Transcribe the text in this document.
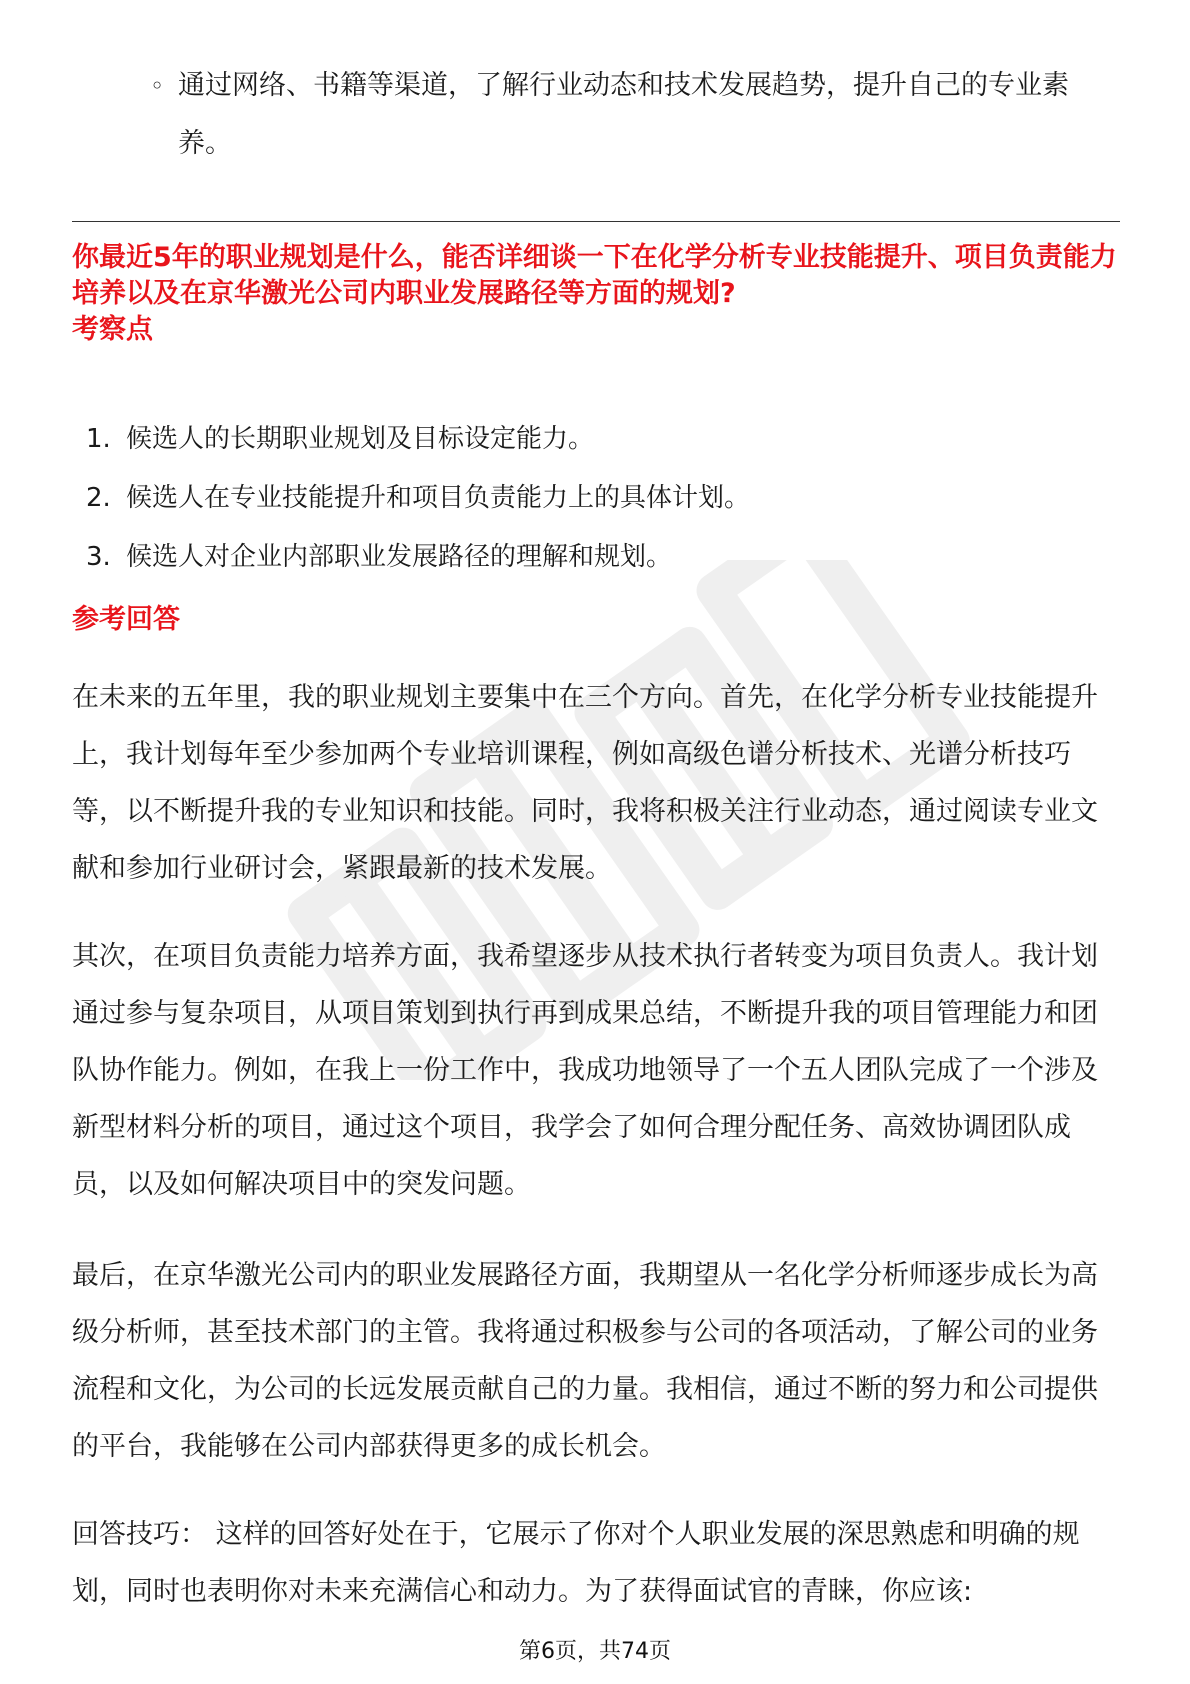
◦ 通过网络、书籍等渠道，了解行业动态和技术发展趋势，提升自己的专业素养。
你最近5年的职业规划是什么，能否详细谈一下在化学分析专业技能提升、项目负责能力培养以及在京华激光公司内职业发展路径等方面的规划?
考察点
1. 候选人的长期职业规划及目标设定能力。
2. 候选人在专业技能提升和项目负责能力上的具体计划。
3. 候选人对企业内部职业发展路径的理解和规划。
参考回答

在未来的五年里，我的职业规划主要集中在三个方向。首先，在化学分析专业技能提升上，我计划每年至少参加两个专业培训课程，例如高级色谱分析技术、光谱分析技巧等，以不断提升我的专业知识和技能。同时，我将积极关注行业动态，通过阅读专业文献和参加行业研讨会，紧跟最新的技术发展。

其次，在项目负责能力培养方面，我希望逐步从技术执行者转变为项目负责人。我计划通过参与复杂项目，从项目策划到执行再到成果总结，不断提升我的项目管理能力和团队协作能力。例如，在我上一份工作中，我成功地领导了一个五人团队完成了一个涉及新型材料分析的项目，通过这个项目，我学会了如何合理分配任务、高效协调团队成员，以及如何解决项目中的突发问题。

最后，在京华激光公司内的职业发展路径方面，我期望从一名化学分析师逐步成长为高级分析师，甚至技术部门的主管。我将通过积极参与公司的各项活动，了解公司的业务流程和文化，为公司的长远发展贡献自己的力量。我相信，通过不断的努力和公司提供的平台，我能够在公司内部获得更多的成长机会。

回答技巧： 这样的回答好处在于，它展示了你对个人职业发展的深思熟虑和明确的规划，同时也表明你对未来充满信心和动力。为了获得面试官的青睐，你应该:

第6页，共74页
